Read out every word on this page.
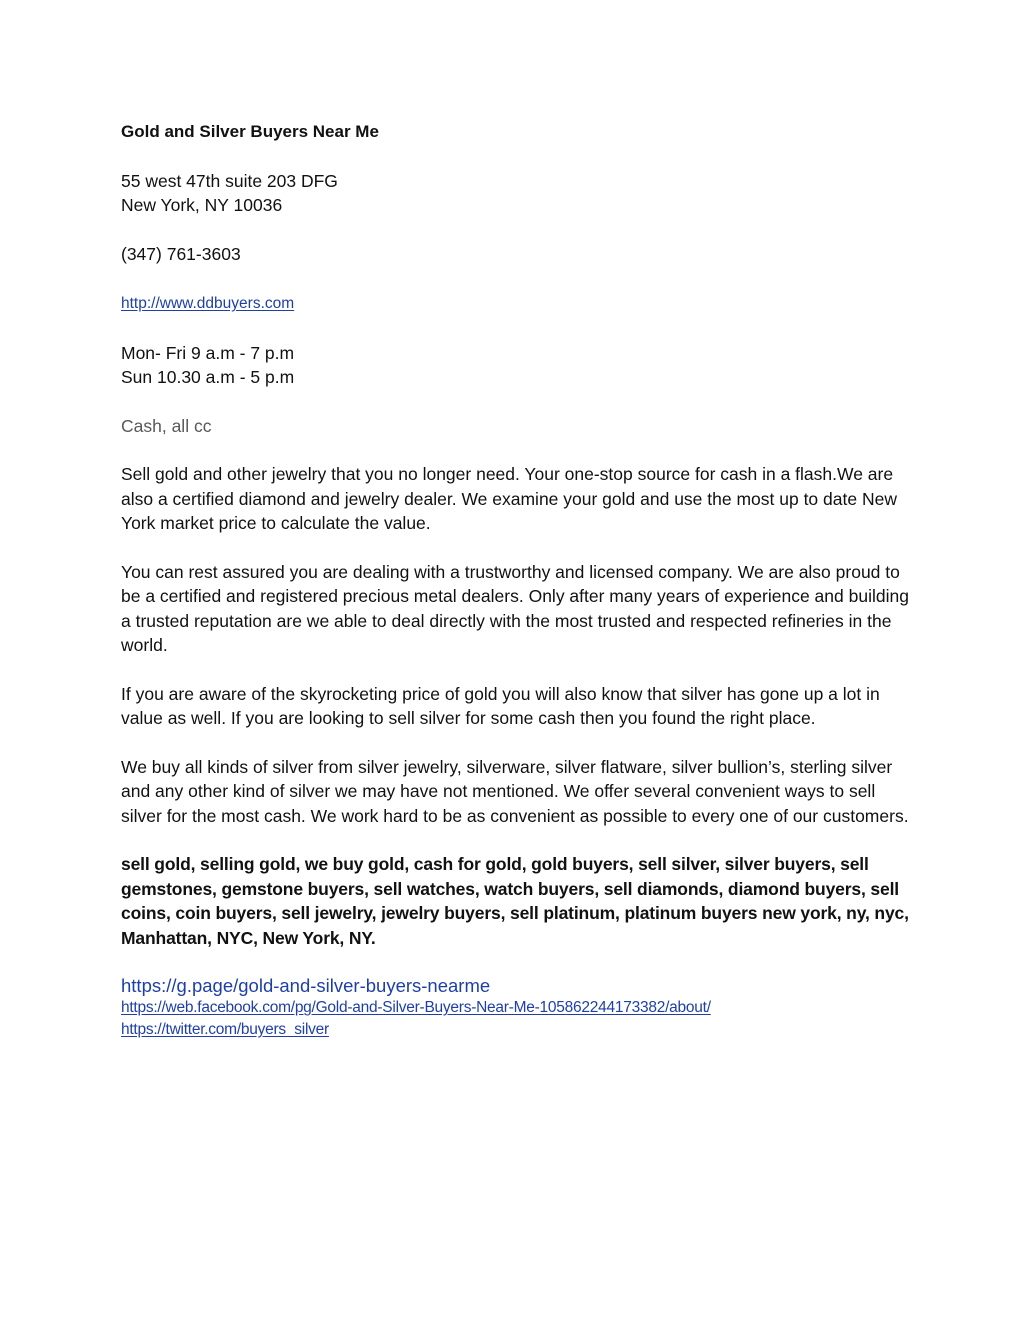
Gold and Silver Buyers Near Me
55 west 47th suite 203 DFG
New York, NY 10036
(347) 761-3603
http://www.ddbuyers.com
Mon- Fri 9 a.m - 7 p.m
Sun 10.30 a.m - 5 p.m
Cash, all cc

Sell gold and other jewelry that you no longer need. Your one-stop source for cash in a flash.We are also a certified diamond and jewelry dealer. We examine your gold and use the most up to date New York market price to calculate the value.

You can rest assured you are dealing with a trustworthy and licensed company. We are also proud to be a certified and registered precious metal dealers. Only after many years of experience and building a trusted reputation are we able to deal directly with the most trusted and respected refineries in the world.

If you are aware of the skyrocketing price of gold you will also know that silver has gone up a lot in value as well. If you are looking to sell silver for some cash then you found the right place.

We buy all kinds of silver from silver jewelry, silverware, silver flatware, silver bullion’s, sterling silver and any other kind of silver we may have not mentioned. We offer several convenient ways to sell silver for the most cash. We work hard to be as convenient as possible to every one of our customers.

sell gold, selling gold, we buy gold, cash for gold, gold buyers, sell silver, silver buyers, sell gemstones, gemstone buyers, sell watches, watch buyers, sell diamonds, diamond buyers, sell coins, coin buyers, sell jewelry, jewelry buyers, sell platinum, platinum buyers new york, ny, nyc, Manhattan, NYC, New York, NY.

https://g.page/gold-and-silver-buyers-nearme
https://web.facebook.com/pg/Gold-and-Silver-Buyers-Near-Me-105862244173382/about/
https://twitter.com/buyers_silver
